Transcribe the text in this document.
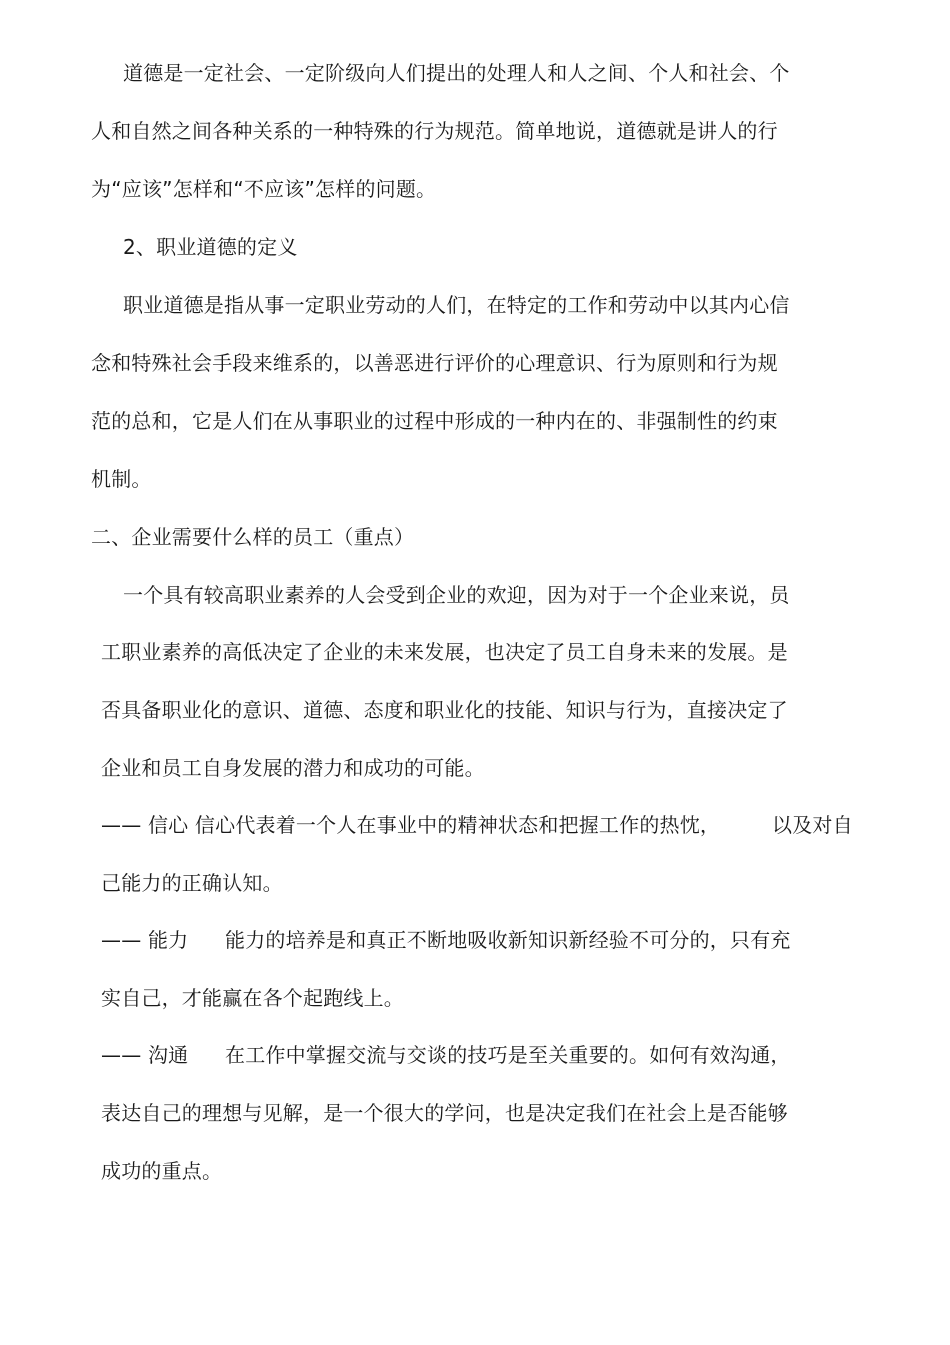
道德是一定社会、一定阶级向人们提出的处理人和人之间、个人和社会、个
人和自然之间各种关系的一种特殊的行为规范。简单地说，道德就是讲人的行
为“应该”怎样和“不应该”怎样的问题。
2、职业道德的定义
职业道德是指从事一定职业劳动的人们，在特定的工作和劳动中以其内心信
念和特殊社会手段来维系的，以善恶进行评价的心理意识、行为原则和行为规
范的总和，它是人们在从事职业的过程中形成的一种内在的、非强制性的约束
机制。
二、企业需要什么样的员工（重点）
一个具有较高职业素养的人会受到企业的欢迎，因为对于一个企业来说，员
工职业素养的高低决定了企业的未来发展，也决定了员工自身未来的发展。是
否具备职业化的意识、道德、态度和职业化的技能、知识与行为，直接决定了
企业和员工自身发展的潜力和成功的可能。
—— 信心 信心代表着一个人在事业中的精神状态和把握工作的热忱，	以及对自
己能力的正确认知。
—— 能力 能力的培养是和真正不断地吸收新知识新经验不可分的，只有充
实自己，才能赢在各个起跑线上。
—— 沟通 在工作中掌握交流与交谈的技巧是至关重要的。如何有效沟通，
表达自己的理想与见解，是一个很大的学问，也是决定我们在社会上是否能够
成功的重点。
